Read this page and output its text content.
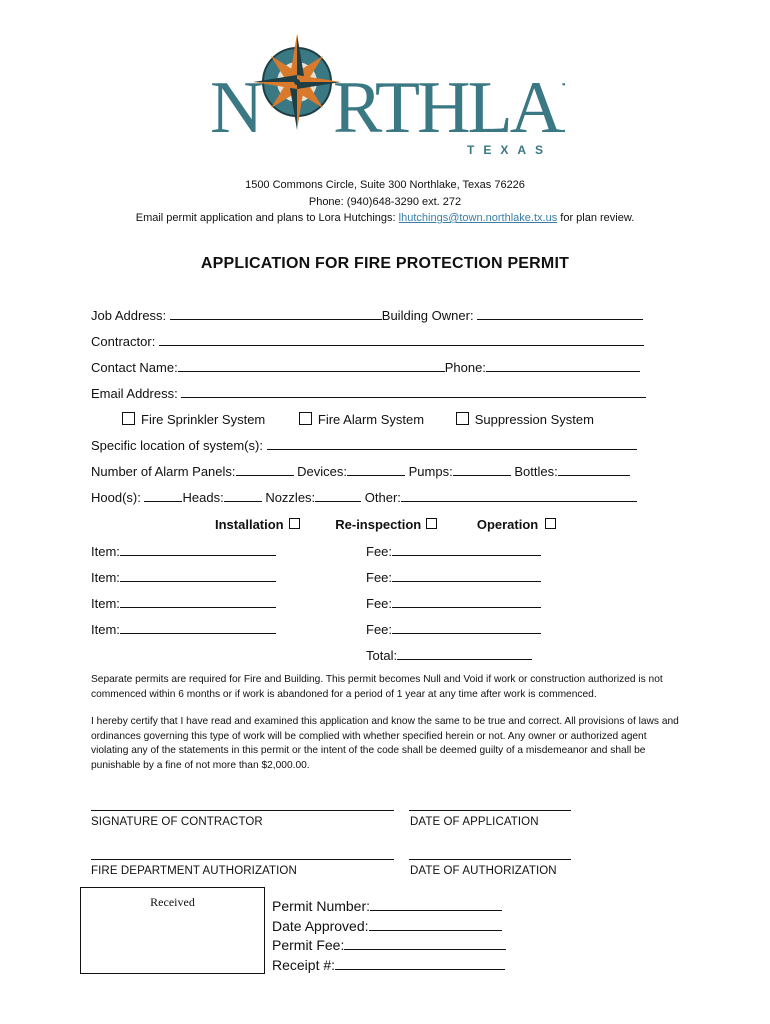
N RTHLA
TEXAS
1500 Commons Circle, Suite 300 Northlake, Texas 76226
Phone: (940)648-3290 ext. 272
Email permit application and plans to Lora Hutchings: lhutchings@town.northlake.tx.us for plan review.
APPLICATION FOR FIRE PROTECTION PERMIT
Job Address:	Building Owner:
Contractor:
Contact Name:	Phone:
Email Address:
Fire Sprinkler System	Fire Alarm System	Suppression System
Specific location of system(s):
Number of Alarm Panels:	Devices:	Pumps:	Bottles:
Hood(s):	Heads:	Nozzles:	Other:
Installation	Re-inspection	Operation
Item:	Fee:
Item:	Fee:
Item:	Fee:
Item:	Fee:
Total:
Separate permits are required for Fire and Building. This permit becomes Null and Void if work or construction authorized is not commenced within 6 months or if work is abandoned for a period of 1 year at any time after work is commenced.
I hereby certify that I have read and examined this application and know the same to be true and correct. All provisions of laws and ordinances governing this type of work will be complied with whether specified herein or not. Any owner or authorized agent violating any of the statements in this permit or the intent of the code shall be deemed guilty of a misdemeanor and shall be punishable by a fine of not more than $2,000.00.
SIGNATURE OF CONTRACTOR	DATE OF APPLICATION
FIRE DEPARTMENT AUTHORIZATION	DATE OF AUTHORIZATION
Received	Permit Number:
Date Approved:
Permit Fee:
Receipt #:
